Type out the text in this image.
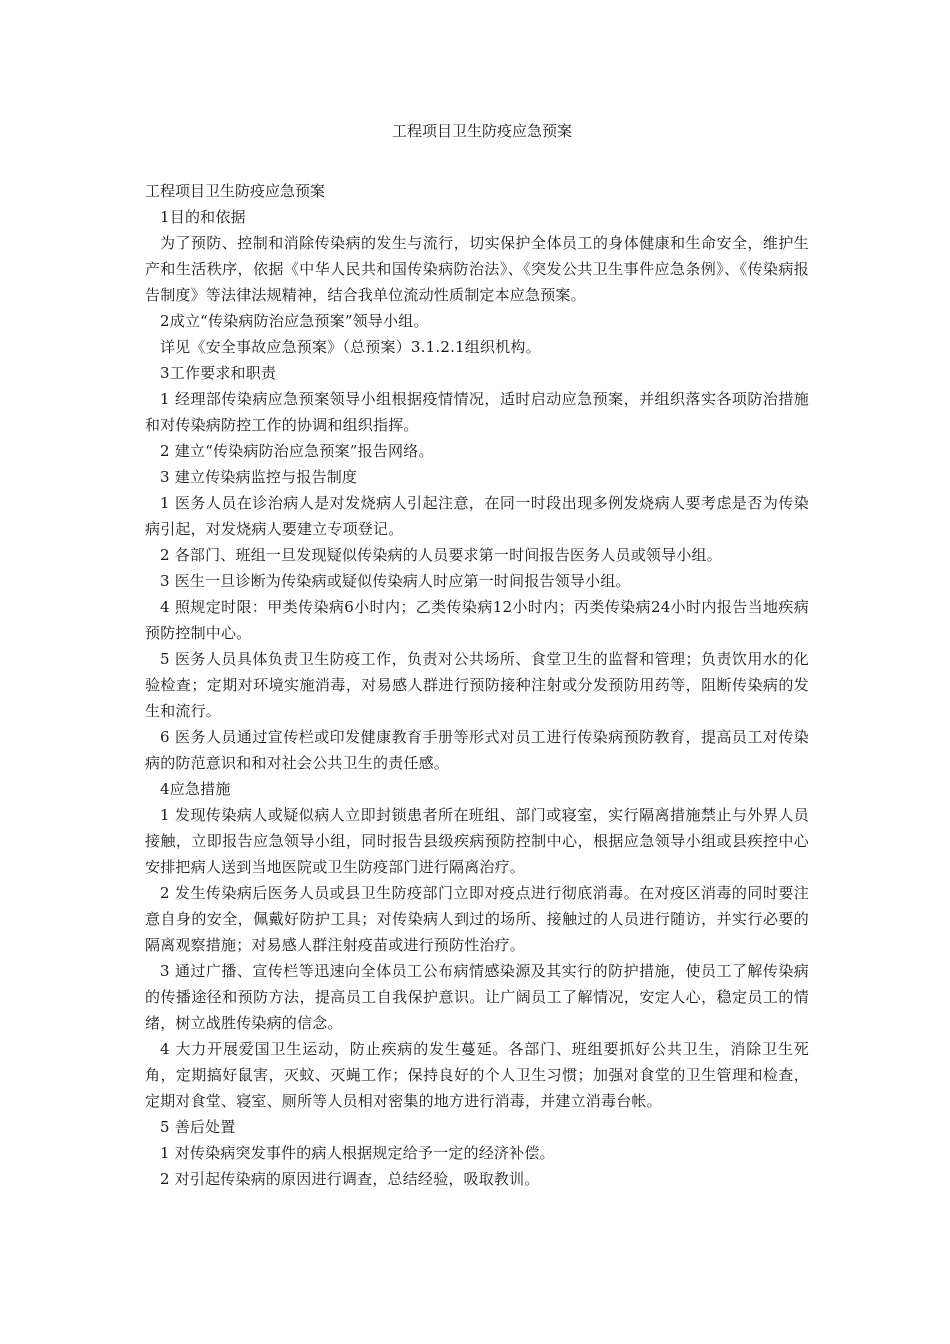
工程项目卫生防疫应急预案
工程项目卫生防疫应急预案

1目的和依据

为了预防、控制和消除传染病的发生与流行，切实保护全体员工的身体健康和生命安全，维护生产和生活秩序，依据《中华人民共和国传染病防治法》、《突发公共卫生事件应急条例》、《传染病报告制度》等法律法规精神，结合我单位流动性质制定本应急预案。

2成立“传染病防治应急预案”领导小组。

详见《安全事故应急预案》（总预案）3.1.2.1组织机构。

3工作要求和职责

1 经理部传染病应急预案领导小组根据疫情情况，适时启动应急预案，并组织落实各项防治措施和对传染病防控工作的协调和组织指挥。

2 建立“传染病防治应急预案”报告网络。

3 建立传染病监控与报告制度

1 医务人员在诊治病人是对发烧病人引起注意，在同一时段出现多例发烧病人要考虑是否为传染病引起，对发烧病人要建立专项登记。

2 各部门、班组一旦发现疑似传染病的人员要求第一时间报告医务人员或领导小组。

3 医生一旦诊断为传染病或疑似传染病人时应第一时间报告领导小组。

4 照规定时限：甲类传染病6小时内；乙类传染病12小时内；丙类传染病24小时内报告当地疾病预防控制中心。

5 医务人员具体负责卫生防疫工作，负责对公共场所、食堂卫生的监督和管理；负责饮用水的化验检查；定期对环境实施消毒，对易感人群进行预防接种注射或分发预防用药等，阻断传染病的发生和流行。

6 医务人员通过宣传栏或印发健康教育手册等形式对员工进行传染病预防教育，提高员工对传染病的防范意识和和对社会公共卫生的责任感。

4应急措施

1 发现传染病人或疑似病人立即封锁患者所在班组、部门或寝室，实行隔离措施禁止与外界人员接触，立即报告应急领导小组，同时报告县级疾病预防控制中心，根据应急领导小组或县疾控中心安排把病人送到当地医院或卫生防疫部门进行隔离治疗。

2 发生传染病后医务人员或县卫生防疫部门立即对疫点进行彻底消毒。在对疫区消毒的同时要注意自身的安全，佩戴好防护工具；对传染病人到过的场所、接触过的人员进行随访，并实行必要的隔离观察措施；对易感人群注射疫苗或进行预防性治疗。

3 通过广播、宣传栏等迅速向全体员工公布病情感染源及其实行的防护措施，使员工了解传染病的传播途径和预防方法，提高员工自我保护意识。让广阔员工了解情况，安定人心，稳定员工的情绪，树立战胜传染病的信念。

4 大力开展爱国卫生运动，防止疾病的发生蔓延。各部门、班组要抓好公共卫生，消除卫生死角，定期搞好鼠害，灭蚊、灭蝇工作；保持良好的个人卫生习惯；加强对食堂的卫生管理和检查，定期对食堂、寝室、厕所等人员相对密集的地方进行消毒，并建立消毒台帐。

5 善后处置

1 对传染病突发事件的病人根据规定给予一定的经济补偿。

2 对引起传染病的原因进行调查，总结经验，吸取教训。
